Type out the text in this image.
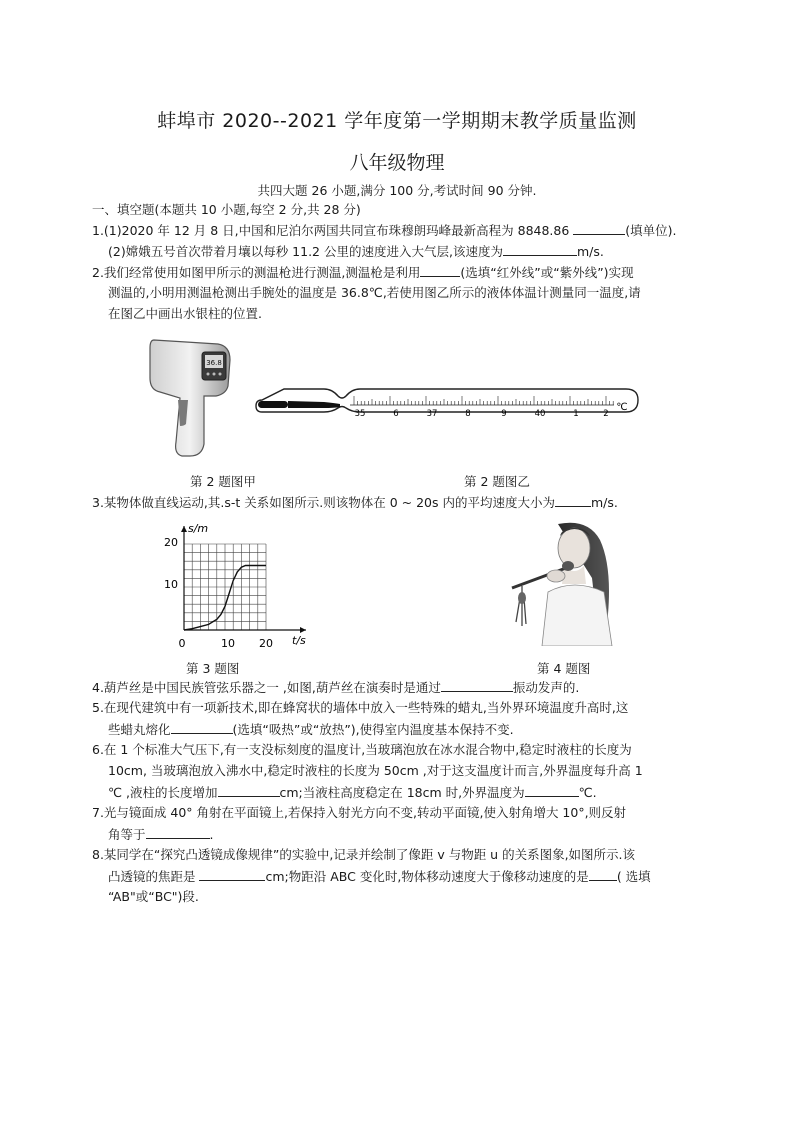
蚌埠市 2020--2021 学年度第一学期期末教学质量监测
八年级物理
共四大题 26 小题,满分 100 分,考试时间 90 分钟.
一、填空题(本题共 10 小题,每空 2 分,共 28 分)
1.(1)2020 年 12 月 8 日,中国和尼泊尔两国共同宣布珠穆朗玛峰最新高程为 8848.86	(填单位).
(2)嫦娥五号首次带着月壤以每秒 11.2 公里的速度进入大气层,该速度为	m/s.
2.我们经常使用如图甲所示的测温枪进行测温,测温枪是利用	(选填“红外线”或“紫外线”)实现
测温的,小明用测温枪测出手腕处的温度是 36.8℃,若使用图乙所示的液体体温计测量同一温度,请
在图乙中画出水银柱的位置.
36.8
35	6	37	8	9	40	1	2
℃
第 2 题图甲	第 2 题图乙
3.某物体做直线运动,其.s-t 关系如图所示.则该物体在 0 ~ 20s 内的平均速度大小为	m/s.
s/m
t/s
0	10 20
10
20
第 3 题图	第 4 题图
4.葫芦丝是中国民族管弦乐器之一 ,如图,葫芦丝在演奏时是通过	振动发声的.
5.在现代建筑中有一项新技术,即在蜂窝状的墙体中放入一些特殊的蜡丸,当外界环境温度升高时,这
些蜡丸熔化	(选填“吸热”或“放热”),使得室内温度基本保持不变.
6.在 1 个标准大气压下,有一支没标刻度的温度计,当玻璃泡放在冰水混合物中,稳定时液柱的长度为
10cm, 当玻璃泡放入沸水中,稳定时液柱的长度为 50cm ,对于这支温度计而言,外界温度每升高 1
℃ ,液柱的长度增加	cm;当液柱高度稳定在 18cm 时,外界温度为	℃.
7.光与镜面成 40° 角射在平面镜上,若保持入射光方向不变,转动平面镜,使入射角增大 10°,则反射
角等于	.
8.某同学在“探究凸透镜成像规律”的实验中,记录并绘制了像距 v 与物距 u 的关系图象,如图所示.该
凸透镜的焦距是	cm;物距沿 ABC 变化时,物体移动速度大于像移动速度的是 ( 选填
“AB"或“BC")段.
